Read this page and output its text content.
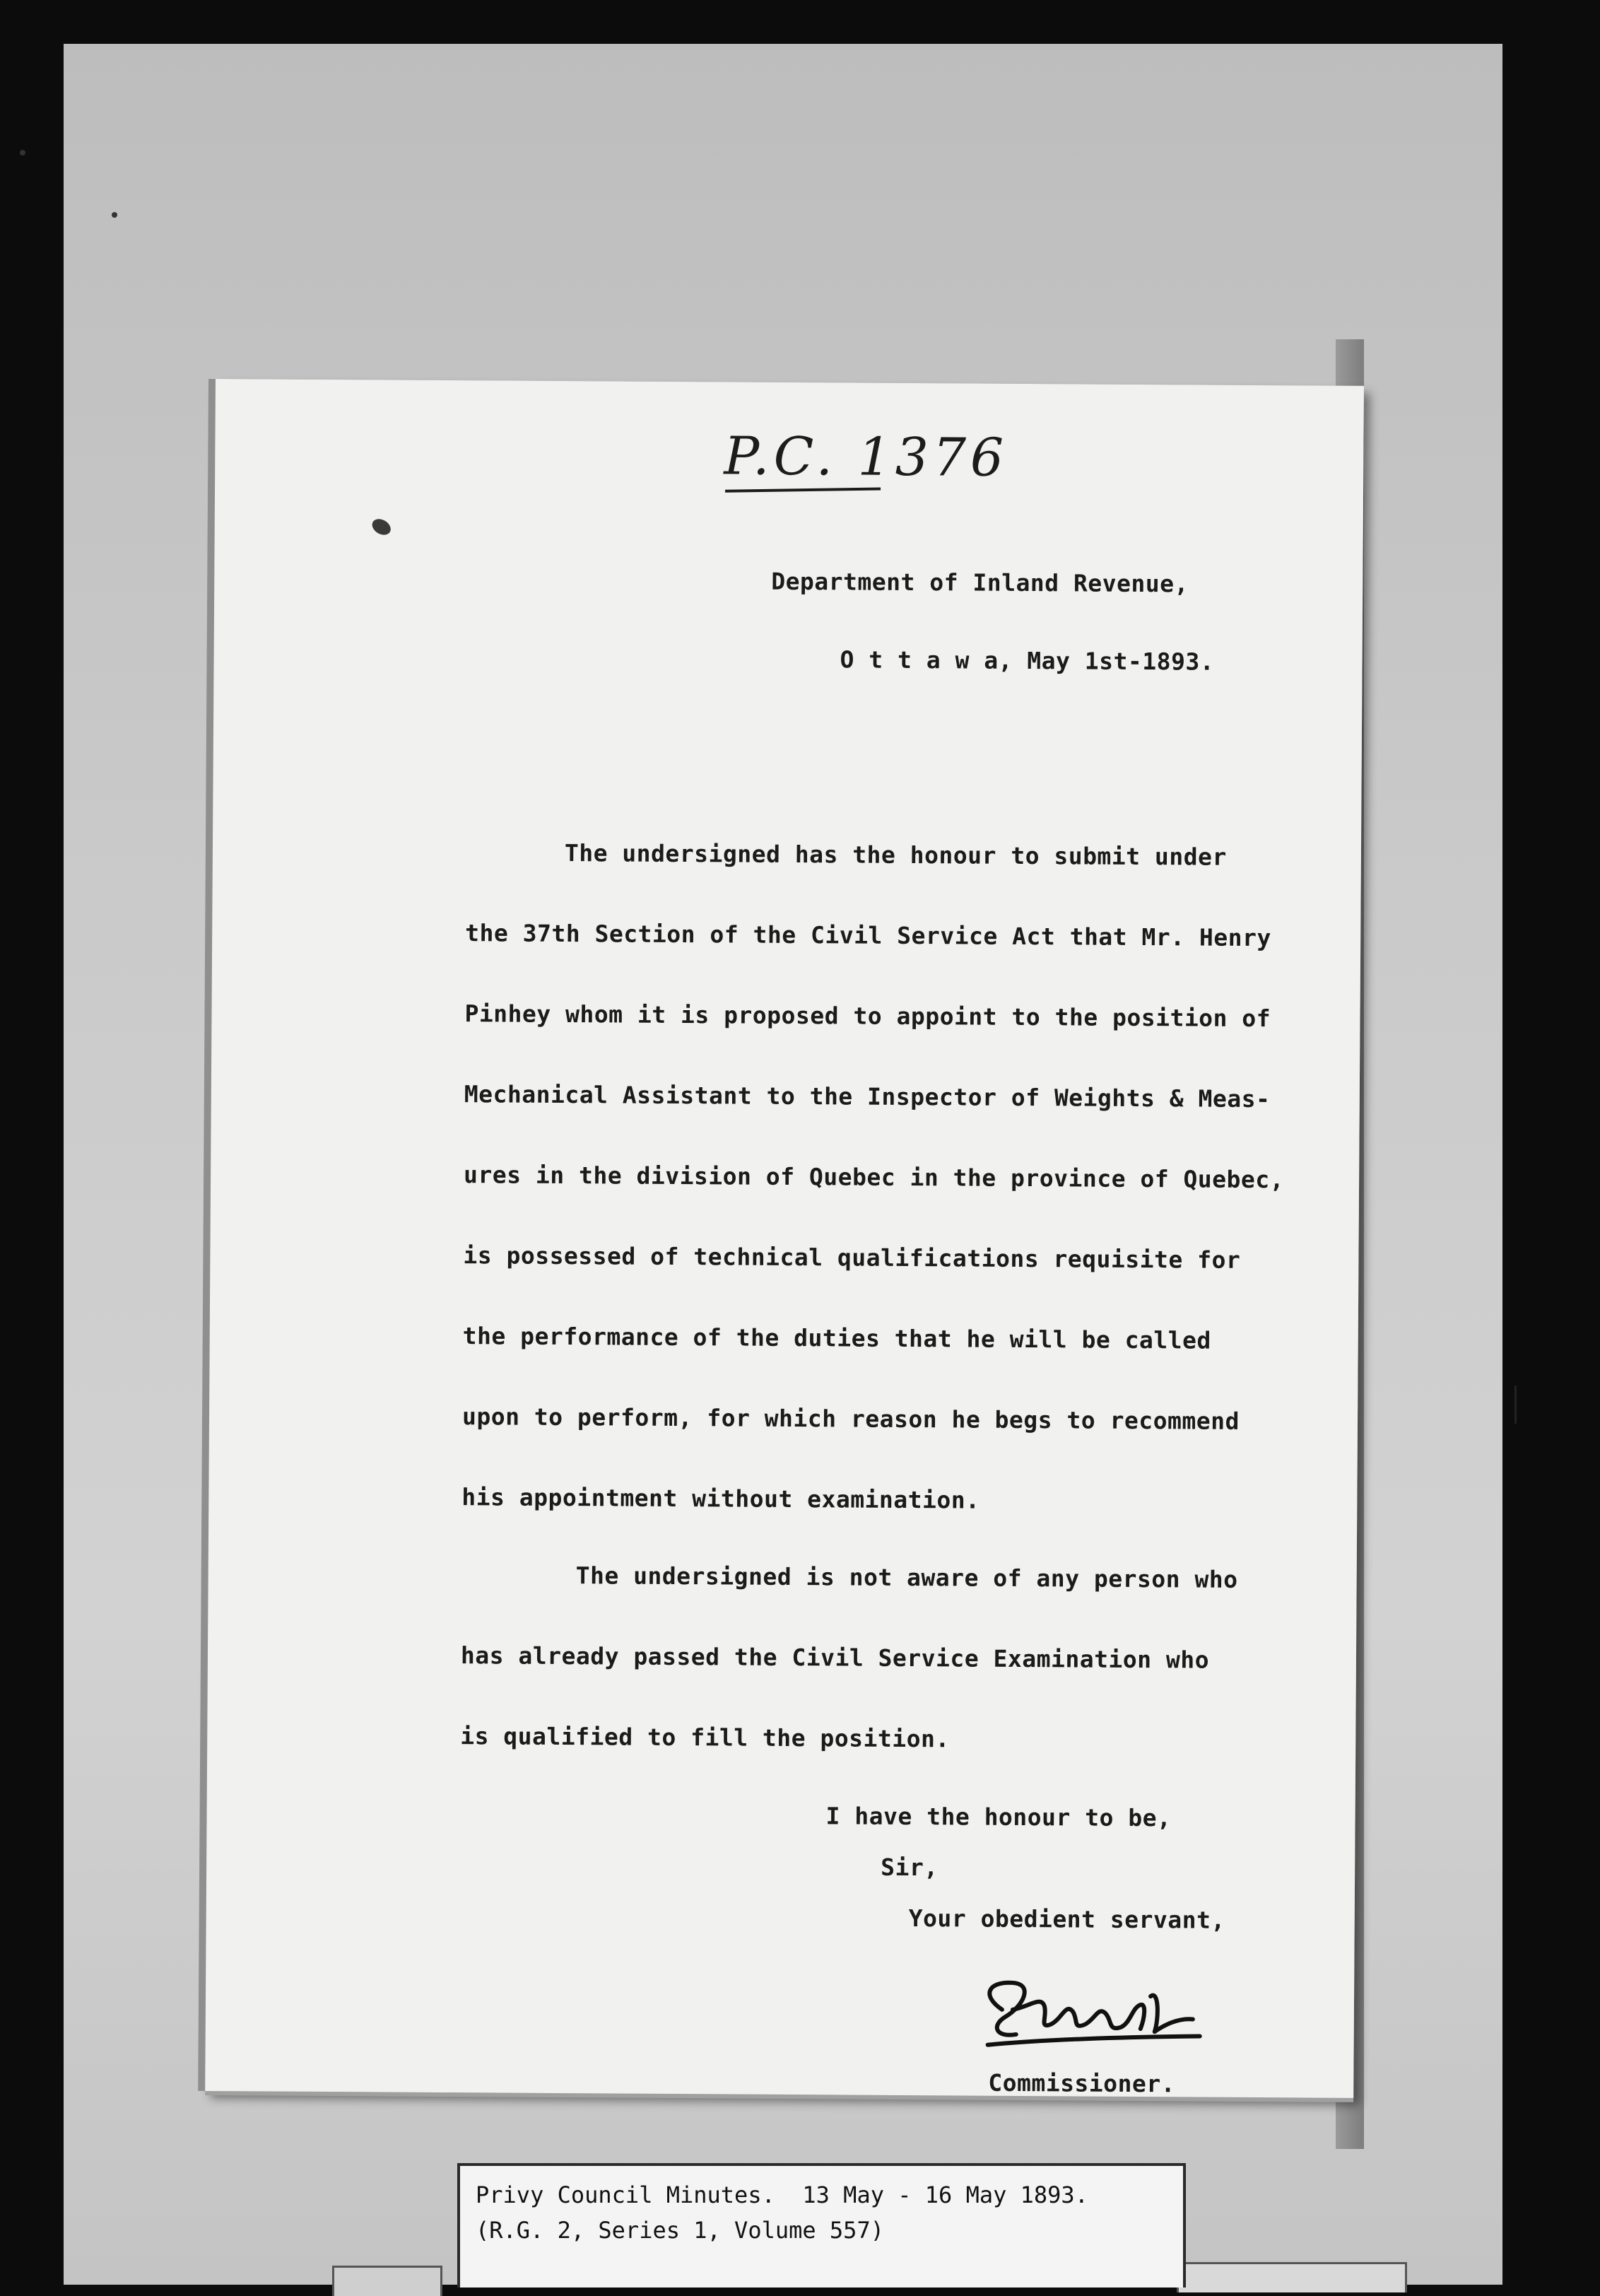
P.C. 1376
Department of Inland Revenue,
O t t a w a, May 1st-1893.
The undersigned has the honour to submit under
the 37th Section of the Civil Service Act that Mr. Henry
Pinhey whom it is proposed to appoint to the position of
Mechanical Assistant to the Inspector of Weights & Meas-
ures in the division of Quebec in the province of Quebec,
is possessed of technical qualifications requisite for
the performance of the duties that he will be called
upon to perform, for which reason he begs to recommend
his appointment without examination.
The undersigned is not aware of any person who
has already passed the Civil Service Examination who
is qualified to fill the position.
I have the honour to be,
Sir,
Your obedient servant,
Commissioner.
Privy Council Minutes.  13 May - 16 May 1893.
(R.G. 2, Series 1, Volume 557)
